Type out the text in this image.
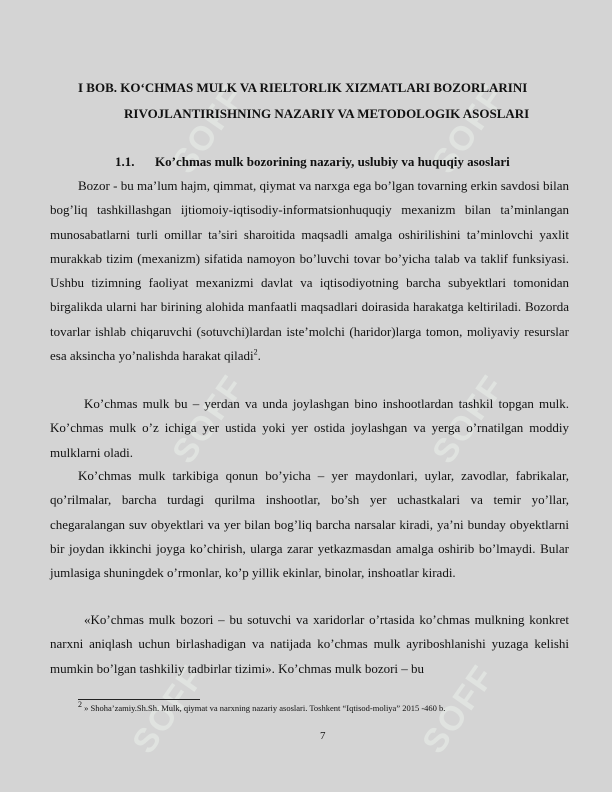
SOFF	SOFF
SOFF	SOFF
SOFF	SOFF
I BOB. KO‘CHMAS MULK VA RIELTORLIK XIZMATLARI BOZORLARINI
RIVOJLANTIRISHNING NAZARIY VA METODOLOGIK ASOSLARI
1.1. Ko’chmas mulk bozorining nazariy, uslubiy va huquqiy asoslari

Bozor - bu ma’lum hajm, qimmat, qiymat va narxga ega bo’lgan tovarning erkin savdosi bilan bog’liq tashkillashgan ijtiomoiy-iqtisodiy-informatsionhuquqiy mexanizm bilan ta’minlangan munosabatlarni turli omillar ta’siri sharoitida maqsadli amalga oshirilishini ta’minlovchi yaxlit murakkab tizim (mexanizm) sifatida namoyon bo’luvchi tovar bo’yicha talab va taklif funksiyasi. Ushbu tizimning faoliyat mexanizmi davlat va iqtisodiyotning barcha subyektlari tomonidan birgalikda ularni har birining alohida manfaatli maqsadlari doirasida harakatga keltiriladi. Bozorda tovarlar ishlab chiqaruvchi (sotuvchi)lardan iste’molchi (haridor)larga tomon, moliyaviy resurslar esa aksincha yo’nalishda harakat qiladi$^2$.

Ko’chmas mulk bu – yerdan va unda joylashgan bino inshootlardan tashkil topgan mulk. Ko’chmas mulk o’z ichiga yer ustida yoki yer ostida joylashgan va yerga o’rnatilgan moddiy mulklarni oladi.

Ko’chmas mulk tarkibiga qonun bo’yicha – yer maydonlari, uylar, zavodlar, fabrikalar, qo’rilmalar, barcha turdagi qurilma inshootlar, bo’sh yer uchastkalari va temir yo’llar, chegaralangan suv obyektlari va yer bilan bog’liq barcha narsalar kiradi, ya’ni bunday obyektlarni bir joydan ikkinchi joyga ko’chirish, ularga zarar yetkazmasdan amalga oshirib bo’lmaydi. Bular jumlasiga shuningdek o’rmonlar, ko’p yillik ekinlar, binolar, inshoatlar kiradi.

«Ko’chmas mulk bozori – bu sotuvchi va xaridorlar o’rtasida ko’chmas mulkning konkret narxni aniqlash uchun birlashadigan va natijada ko’chmas mulk ayriboshlanishi yuzaga kelishi mumkin bo’lgan tashkiliy tadbirlar tizimi». Ko’chmas mulk bozori – bu

$^2$ » Shoha’zamiy.Sh.Sh. Mulk, qiymat va narxning nazariy asoslari. Toshkent “Iqtisod-moliya” 2015 -460 b.
7
